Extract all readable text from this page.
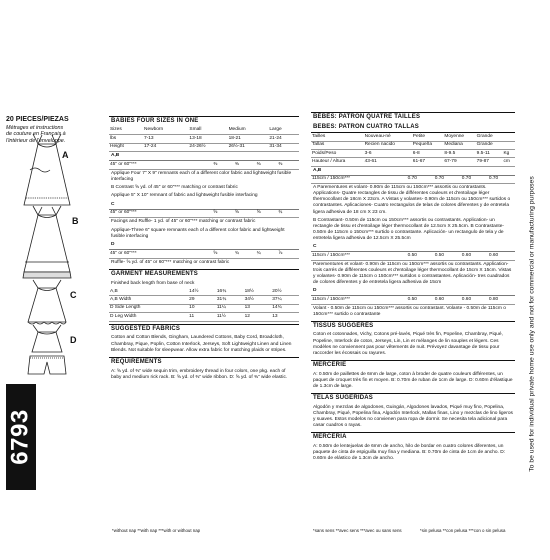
A
B
C
D
20 PIECES/PIEZAS
Métrages et instructions
de couture en Français à
l'intérieur de l'enveloppe.
6793
BABIES FOUR SIZES IN ONE
Sizes	Newborn	Small	Medium	Large
lbs	7-13	13-18	18-21	21-24
Height	17-24	24-26½	26½-31	31-34
A,B
45" or 60"***	⅜	⅜	⅜	⅜
Applique Four 7" X 9" remnants each of a different color fabric and lightweight fusible interfacing
B Contrast ⅝ yd. of 45" or 60"*** matching or contrast fabric
Applique 5" X 10" remnant of fabric and lightweight fusible interfacing
C
45" or 60"***	⅝	⅝	⅝	¾
Facings and Ruffle- 1 yd. of 45" or 60"*** matching or contrast fabric
Applique-Three 6" square remnants each of a different color fabric and lightweight fusible interfacing
D
45" or 60"***	⅝	¾	¾	⅞
Ruffle- ⅝ yd. of 45" or 60"*** matching or contrast fabric
GARMENT MEASUREMENTS
Finished back length from base of neck
A,B	14½	16¾	18½	20½
A,B Width	29	31¾	34½	37¼
D Side Length	10	11¼	13	14¾
D Leg Width	11	11½	12	13
SUGGESTED FABRICS
Cotton and Cotton Blends, Gingham, Laundered Cottons, Baby Cord, Broadcloth, Chambray, Pique, Poplin, Cotton Interlock, Jerseys, Soft Lightweight Linen and Linen Blends. Not suitable for sleepwear. Allow extra fabric for matching plaids or stripes.
REQUIREMENTS
A: ⅝ yd. of ⅜" wide sequin trim, embroidery thread in four colors, one pkg. each of baby and medium rick rack. B: ⅝ yd. of ⅜" wide ribbon. D: ⅝ yd. of ⅜" wide elastic.
*without nap **with nap ***with or without nap
BÉBÉS: PATRON QUATRE TAILLES
BEBES: PATRON CUATRO TALLAS
Tailles	Nouveau-né	Petite	Moyenne	Grande	
Tallas	Recien nacido	Pequeña	Mediana	Grande	
Poids/Peso	3-6	6-8	8-9.5	9.5-11	Kg
Hauteur / Altura	43-61	61-67	67-79	79-87	cm
A,B
115cm / 150cm***	0.70	0.70	0.70	0.70
A Parementures et volant- 0.90m de 115cm ou 150cm*** assortis ou contrastants. Applications- Quatre rectangles de tissu de différentes couleurs et d'entoilage léger thermocollant de 18cm X 23cm. A Vistas y volantes- 0.90m de 115cm ou 150cm*** surtidos o contrastantes. Aplicaciones- Cuatro rectangulos de telas de colores diferentes y de entretela ligera adhesiva de 18 cm X 23 cm.
B Contrastant- 0.50m de 115cm ou 150cm*** assortis ou contrastants. Application- un rectangle de tissu et d'entoilage léger thermocollant de 12.5cm X 25.5cm. B Contrastante- 0.50m de 115cm o 150cm*** surtido o contrastante. Aplicación- un rectangulo de tela y de entretela ligera adhesiva de 12.5cm X 25.5cm
C
115cm / 150cm***	0.50	0.50	0.60	0.60
Parementures et volant- 0.90m de 115cm ou 150cm*** assortis ou contrastants. Application- trois carrés de différentes couleurs et d'entoilage léger thermocollant de 15cm X 15cm. Vistas y volantes- 0.90m de 115cm o 150cm*** surtidos o contrastantes. Aplicación- tres cuadrados de colores diferentes y de entretela ligera adhesiva de 15cm
D
115cm / 150cm***	0.50	0.60	0.60	0.80
Volant - 0.50m de 115cm ou 150cm*** assortis ou contrastant. Volante - 0.50m de 115cm o 150cm*** surtido o contrastante
TISSUS SUGGÉRÉS
Coton et cotonnades, Vichy, Cotons pré-lavés, Piqué très fin, Popeline, Chambray, Piqué, Popeline, Interlock de coton, Jerseys, Lin, Lin et mélanges de lin souples et légers. Ces modèles ne conviennent pas pour vêtements de nuit. Prévoyez davantage de tissu pour raccorder les écossais ou rayures.
MERCERIE
A: 0.50m de paillettes de 6mm de large, coton à broder de quatre couleurs différentes, un paquet de croquet très fin et moyen. B: 0.70m de ruban de 1cm de large. D: 0.60m d'élastique de 1.3cm de large.
TELAS SUGERIDAS
Algodón y mezclas de algodones, Guingán, Algodones lavados, Piqué muy fino, Popelina, Chambray, Piqué, Popelina fina, Algodón Interlock, Mallas finas, Lino y mezclas de lino ligeros y suaves. Estos modelos no convienen para ropa de dormir. Se necesita tela adicional para casar cuadros o rayas.
MERCERIA
A: 0.50m de lentejuelas de 6mm de ancho, hilo de bordar en cuatro colores diferentes, un paquete de cinta de espiguilla muy fina y mediana. B: 0.70m de cinta de 1cm de ancho. D: 0.60m de elástico de 1.3cm de ancho.
*sans sens **avec sens ***avec ou sans sens	*sin pelusa **con pelusa ***con o sin pelusa
To be used for individual private home use only and not for commercial or manufacturing purposes
